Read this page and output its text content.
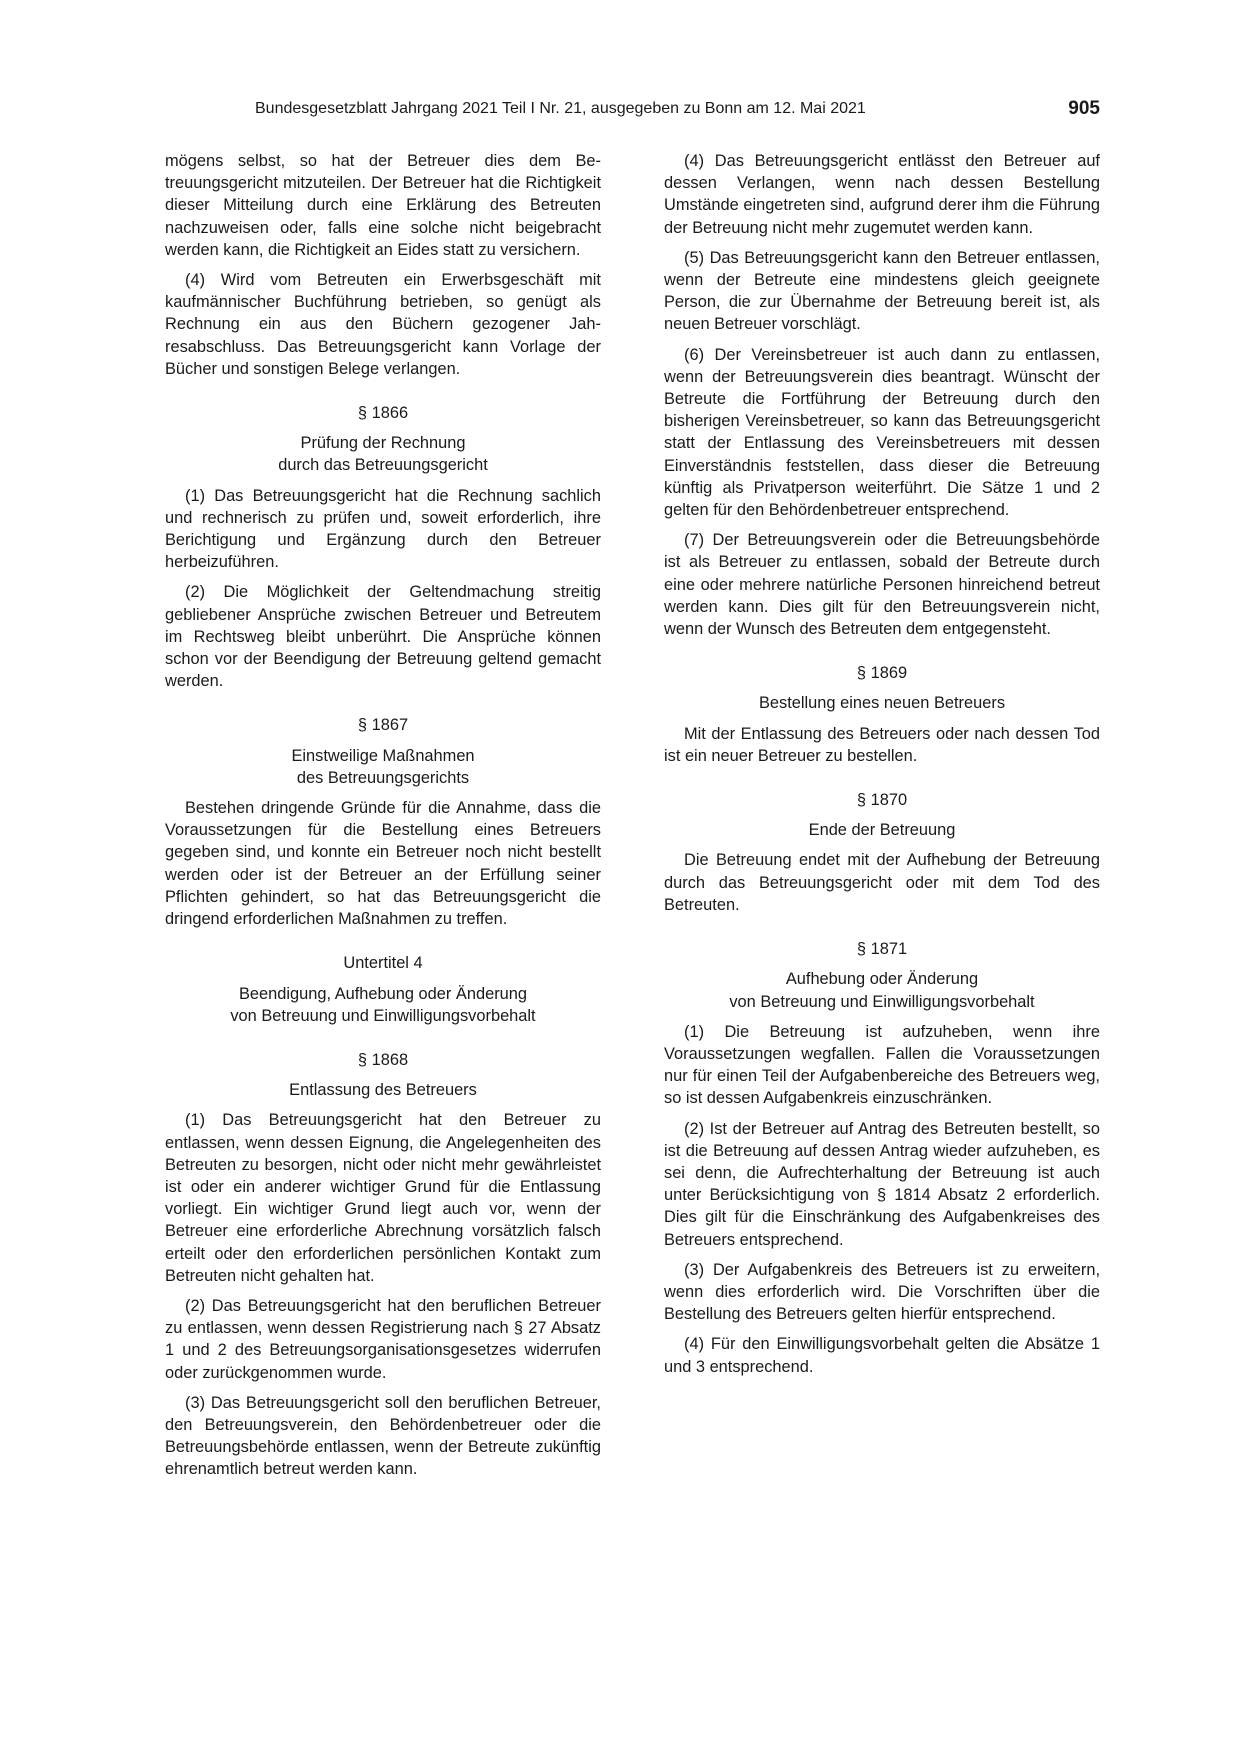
Bundesgesetzblatt Jahrgang 2021 Teil I Nr. 21, ausgegeben zu Bonn am 12. Mai 2021	905

mögens selbst, so hat der Betreuer dies dem Betreuungsgericht mitzuteilen. Der Betreuer hat die Richtigkeit dieser Mitteilung durch eine Erklärung des Betreuten nachzuweisen oder, falls eine solche nicht beigebracht werden kann, die Richtigkeit an Eides statt zu versichern.

(4) Wird vom Betreuten ein Erwerbsgeschäft mit kaufmännischer Buchführung betrieben, so genügt als Rechnung ein aus den Büchern gezogener Jahresabschluss. Das Betreuungsgericht kann Vorlage der Bücher und sonstigen Belege verlangen.

§ 1866

Prüfung der Rechnung

durch das Betreuungsgericht

(1) Das Betreuungsgericht hat die Rechnung sachlich und rechnerisch zu prüfen und, soweit erforderlich, ihre Berichtigung und Ergänzung durch den Betreuer herbeizuführen.

(2) Die Möglichkeit der Geltendmachung streitig gebliebener Ansprüche zwischen Betreuer und Betreutem im Rechtsweg bleibt unberührt. Die Ansprüche können schon vor der Beendigung der Betreuung geltend gemacht werden.

§ 1867

Einstweilige Maßnahmen

des Betreuungsgerichts

Bestehen dringende Gründe für die Annahme, dass die Voraussetzungen für die Bestellung eines Betreuers gegeben sind, und konnte ein Betreuer noch nicht bestellt werden oder ist der Betreuer an der Erfüllung seiner Pflichten gehindert, so hat das Betreuungsgericht die dringend erforderlichen Maßnahmen zu treffen.

Untertitel 4

Beendigung, Aufhebung oder Änderung

von Betreuung und Einwilligungsvorbehalt

§ 1868

Entlassung des Betreuers

(1) Das Betreuungsgericht hat den Betreuer zu entlassen, wenn dessen Eignung, die Angelegenheiten des Betreuten zu besorgen, nicht oder nicht mehr gewährleistet ist oder ein anderer wichtiger Grund für die Entlassung vorliegt. Ein wichtiger Grund liegt auch vor, wenn der Betreuer eine erforderliche Abrechnung vorsätzlich falsch erteilt oder den erforderlichen persönlichen Kontakt zum Betreuten nicht gehalten hat.

(2) Das Betreuungsgericht hat den beruflichen Betreuer zu entlassen, wenn dessen Registrierung nach § 27 Absatz 1 und 2 des Betreuungsorganisationsgesetzes widerrufen oder zurückgenommen wurde.

(3) Das Betreuungsgericht soll den beruflichen Betreuer, den Betreuungsverein, den Behördenbetreuer oder die Betreuungsbehörde entlassen, wenn der Betreute zukünftig ehrenamtlich betreut werden kann.

(4) Das Betreuungsgericht entlässt den Betreuer auf dessen Verlangen, wenn nach dessen Bestellung Umstände eingetreten sind, aufgrund derer ihm die Führung der Betreuung nicht mehr zugemutet werden kann.

(5) Das Betreuungsgericht kann den Betreuer entlassen, wenn der Betreute eine mindestens gleich geeignete Person, die zur Übernahme der Betreuung bereit ist, als neuen Betreuer vorschlägt.

(6) Der Vereinsbetreuer ist auch dann zu entlassen, wenn der Betreuungsverein dies beantragt. Wünscht der Betreute die Fortführung der Betreuung durch den bisherigen Vereinsbetreuer, so kann das Betreuungsgericht statt der Entlassung des Vereinsbetreuers mit dessen Einverständnis feststellen, dass dieser die Betreuung künftig als Privatperson weiterführt. Die Sätze 1 und 2 gelten für den Behördenbetreuer entsprechend.

(7) Der Betreuungsverein oder die Betreuungsbehörde ist als Betreuer zu entlassen, sobald der Betreute durch eine oder mehrere natürliche Personen hinreichend betreut werden kann. Dies gilt für den Betreuungsverein nicht, wenn der Wunsch des Betreuten dem entgegensteht.

§ 1869

Bestellung eines neuen Betreuers

Mit der Entlassung des Betreuers oder nach dessen Tod ist ein neuer Betreuer zu bestellen.

§ 1870

Ende der Betreuung

Die Betreuung endet mit der Aufhebung der Betreuung durch das Betreuungsgericht oder mit dem Tod des Betreuten.

§ 1871

Aufhebung oder Änderung

von Betreuung und Einwilligungsvorbehalt

(1) Die Betreuung ist aufzuheben, wenn ihre Voraussetzungen wegfallen. Fallen die Voraussetzungen nur für einen Teil der Aufgabenbereiche des Betreuers weg, so ist dessen Aufgabenkreis einzuschränken.

(2) Ist der Betreuer auf Antrag des Betreuten bestellt, so ist die Betreuung auf dessen Antrag wieder aufzuheben, es sei denn, die Aufrechterhaltung der Betreuung ist auch unter Berücksichtigung von § 1814 Absatz 2 erforderlich. Dies gilt für die Einschränkung des Aufgabenkreises des Betreuers entsprechend.

(3) Der Aufgabenkreis des Betreuers ist zu erweitern, wenn dies erforderlich wird. Die Vorschriften über die Bestellung des Betreuers gelten hierfür entsprechend.

(4) Für den Einwilligungsvorbehalt gelten die Absätze 1 und 3 entsprechend.
